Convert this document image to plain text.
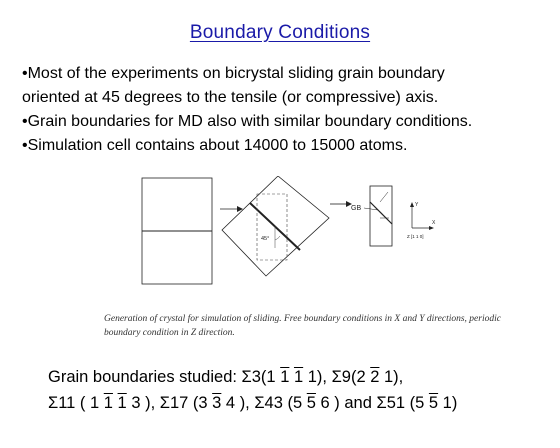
Boundary Conditions
•Most of the experiments on bicrystal sliding grain boundary
oriented at 45 degrees to the tensile (or compressive) axis.
•Grain boundaries for MD also with similar boundary conditions.
•Simulation cell contains about 14000 to 15000 atoms.
45°
GB	Y
X
Z [1 1 0]
Generation of crystal for simulation of sliding. Free boundary conditions in X and Y directions, periodic boundary condition in Z direction.
Grain boundaries studied: Σ3(1 1 1 1), Σ9(2 2 1),
Σ11 ( 1 1 1 3 ), Σ17 (3 3 4 ), Σ43 (5 5 6 ) and Σ51 (5 5 1)
